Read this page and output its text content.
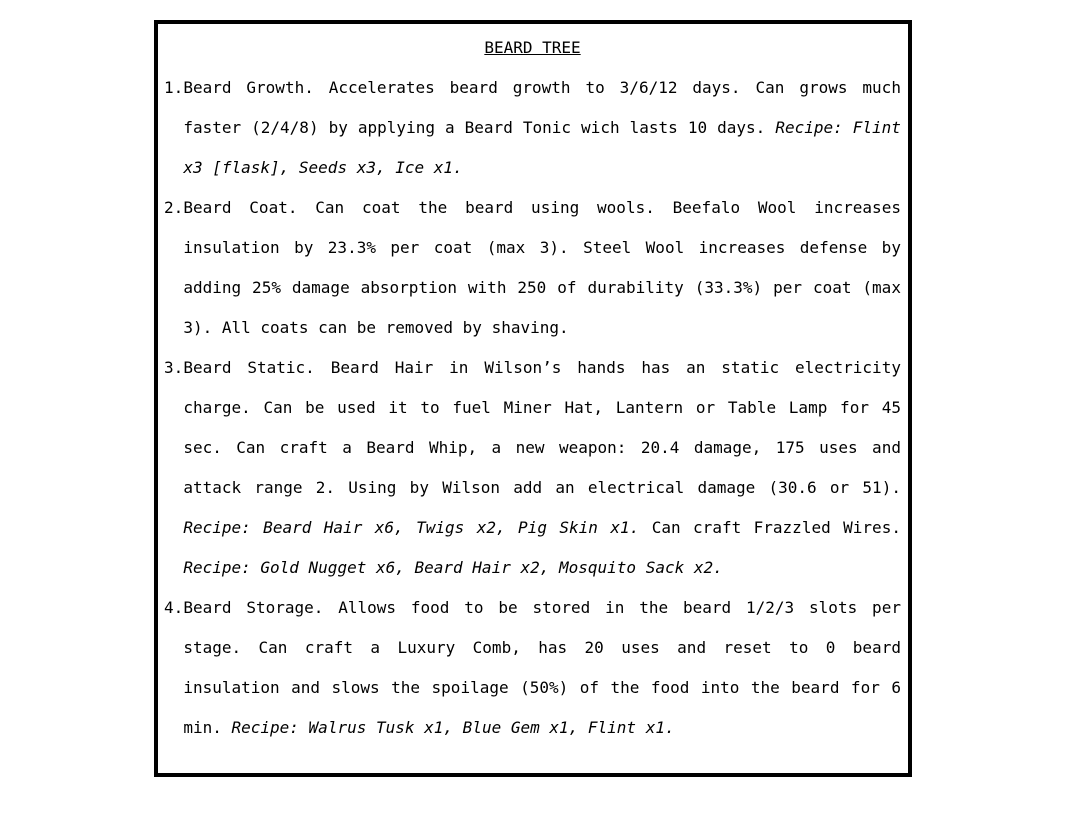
BEARD TREE
1.Beard Growth. Accelerates beard growth to 3/6/12 days. Can grows much faster (2/4/8) by applying a Beard Tonic wich lasts 10 days. Recipe: Flint x3 [flask], Seeds x3, Ice x1.
2.Beard Coat. Can coat the beard using wools. Beefalo Wool increases insulation by 23.3% per coat (max 3). Steel Wool increases defense by adding 25% damage absorption with 250 of durability (33.3%) per coat (max 3). All coats can be removed by shaving.
3.Beard Static. Beard Hair in Wilson’s hands has an static electricity charge. Can be used it to fuel Miner Hat, Lantern or Table Lamp for 45 sec. Can craft a Beard Whip, a new weapon: 20.4 damage, 175 uses and attack range 2. Using by Wilson add an electrical damage (30.6 or 51). Recipe: Beard Hair x6, Twigs x2, Pig Skin x1. Can craft Frazzled Wires. Recipe: Gold Nugget x6, Beard Hair x2, Mosquito Sack x2.
4.Beard Storage. Allows food to be stored in the beard 1/2/3 slots per stage. Can craft a Luxury Comb, has 20 uses and reset to 0 beard insulation and slows the spoilage (50%) of the food into the beard for 6 min. Recipe: Walrus Tusk x1, Blue Gem x1, Flint x1.
